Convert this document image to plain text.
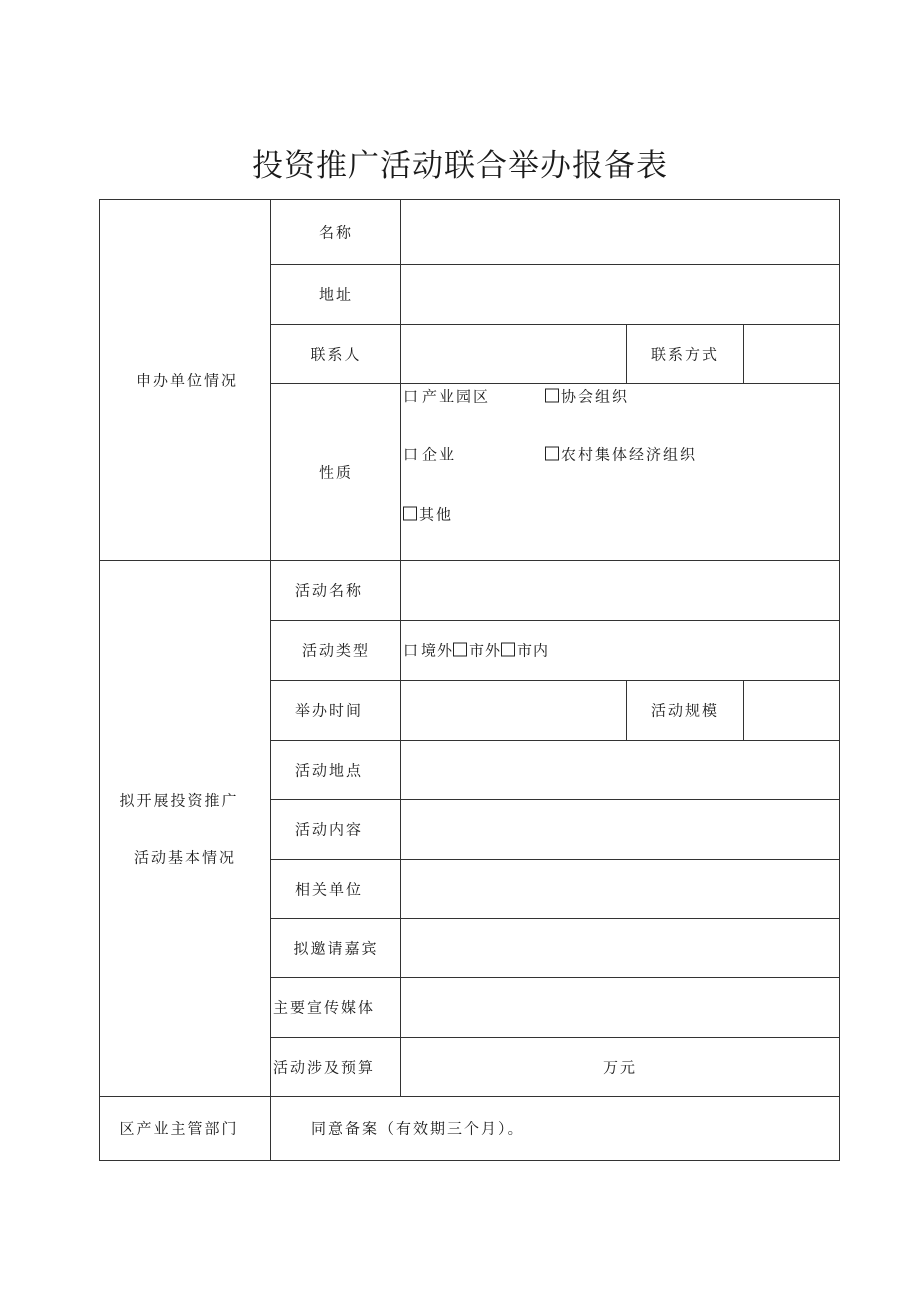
投资推广活动联合举办报备表
申办单位情况
名称
地址
联系人	联系方式
性质
口 产业园区	协会组织
口 企业	农村集体经济组织
其他
拟开展投资推广
活动基本情况
活动名称
活动类型 口 境外 市外 市内
举办时间	活动规模
活动地点
活动内容
相关单位
拟邀请嘉宾
主要宣传媒体
活动涉及预算	万元
区产业主管部门	同意备案（有效期三个月）。
